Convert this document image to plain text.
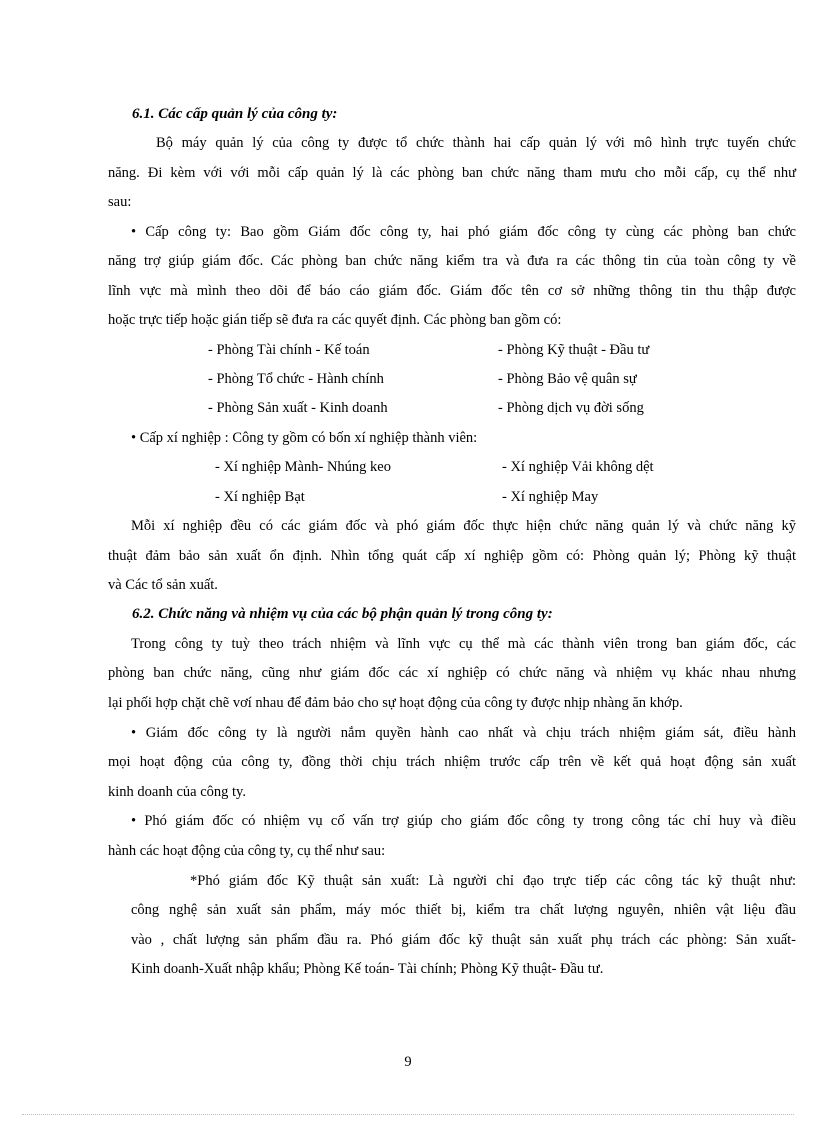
6.1. Các cấp quản lý của công ty:
Bộ máy quản lý của công ty được tổ chức thành hai cấp quản lý với mô hình trực tuyến chức
năng. Đi kèm với với mỗi cấp quản lý là các phòng ban chức năng tham mưu cho mỗi cấp, cụ thể như
sau:
• Cấp công ty: Bao gồm Giám đốc công ty, hai phó giám đốc công ty cùng các phòng ban chức
năng trợ giúp giám đốc. Các phòng ban chức năng kiểm tra và đưa ra các thông tin của toàn công ty về
lĩnh vực mà mình theo dõi để báo cáo giám đốc. Giám đốc tên cơ sở những thông tin thu thập được
hoặc trực tiếp hoặc gián tiếp sẽ đưa ra các quyết định. Các phòng ban gồm có:
- Phòng Tài chính - Kế toán	- Phòng Kỹ thuật - Đầu tư
- Phòng Tổ chức - Hành chính	- Phòng Bảo vệ quân sự
- Phòng Sản xuất - Kinh doanh	- Phòng dịch vụ đời sống
• Cấp xí nghiệp : Công ty gồm có bốn xí nghiệp thành viên:
- Xí nghiệp Mành- Nhúng keo	- Xí nghiệp Vải không dệt
- Xí nghiệp Bạt	- Xí nghiệp May
Mỗi xí nghiệp đều có các giám đốc và phó giám đốc thực hiện chức năng quản lý và chức năng kỹ
thuật đảm bảo sản xuất ổn định. Nhìn tổng quát cấp xí nghiệp gồm có: Phòng quản lý; Phòng kỹ thuật
và Các tổ sản xuất.
6.2. Chức năng và nhiệm vụ của các bộ phận quản lý trong công ty:
Trong công ty tuỳ theo trách nhiệm và lĩnh vực cụ thể mà các thành viên trong ban giám đốc, các
phòng ban chức năng, cũng như giám đốc các xí nghiệp có chức năng và nhiệm vụ khác nhau nhưng
lại phối hợp chặt chẽ vơí nhau để đảm bảo cho sự hoạt động của công ty được nhịp nhàng ăn khớp.
• Giám đốc công ty là người nắm quyền hành cao nhất và chịu trách nhiệm giám sát, điều hành
mọi hoạt động của công ty, đồng thời chịu trách nhiệm trước cấp trên về kết quả hoạt động sản xuất
kinh doanh của công ty.
• Phó giám đốc có nhiệm vụ cố vấn trợ giúp cho giám đốc công ty trong công tác chỉ huy và điều
hành các hoạt động của công ty, cụ thể như sau:
*Phó giám đốc Kỹ thuật sản xuất: Là người chỉ đạo trực tiếp các công tác kỹ thuật như:
công nghệ sản xuất sản phẩm, máy móc thiết bị, kiểm tra chất lượng nguyên, nhiên vật liệu đầu
vào , chất lượng sản phẩm đầu ra. Phó giám đốc kỹ thuật sản xuất phụ trách các phòng: Sản xuất-
Kinh doanh-Xuất nhập khẩu; Phòng Kế toán- Tài chính; Phòng Kỹ thuật- Đầu tư.
9
